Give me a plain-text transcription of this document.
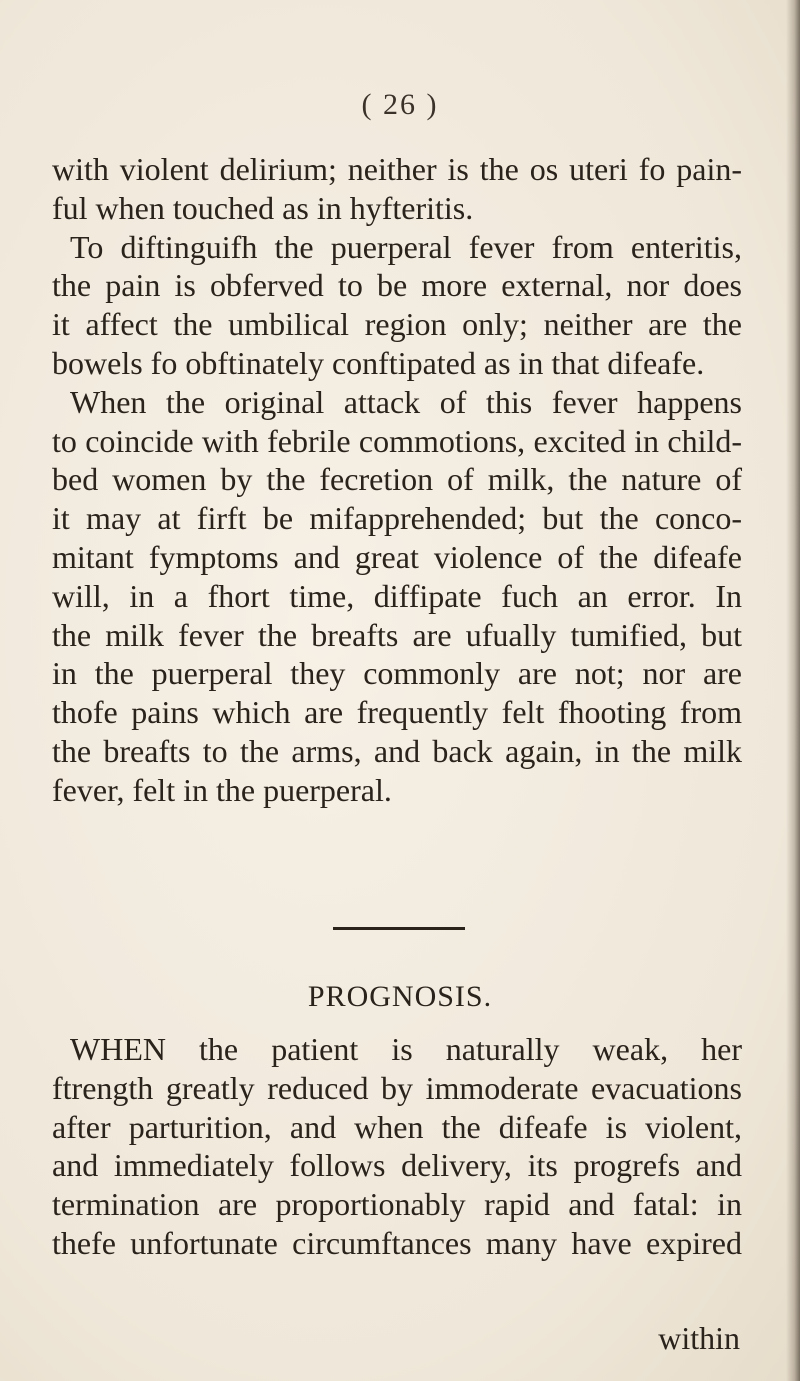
( 26 )
with violent delirium; neither is the os uteri fo pain-
ful when touched as in hyfteritis.
To diftinguifh the puerperal fever from enteritis,
the pain is obferved to be more external, nor does
it affect the umbilical region only; neither are the
bowels fo obftinately conftipated as in that difeafe.
When the original attack of this fever happens
to coincide with febrile commotions, excited in child-
bed women by the fecretion of milk, the nature of
it may at firft be mifapprehended; but the conco-
mitant fymptoms and great violence of the difeafe
will, in a fhort time, diffipate fuch an error. In
the milk fever the breafts are ufually tumified, but
in the puerperal they commonly are not; nor are
thofe pains which are frequently felt fhooting from
the breafts to the arms, and back again, in the milk
fever, felt in the puerperal.
PROGNOSIS.
WHEN the patient is naturally weak, her
ftrength greatly reduced by immoderate evacuations
after parturition, and when the difeafe is violent,
and immediately follows delivery, its progrefs and
termination are proportionably rapid and fatal: in
thefe unfortunate circumftances many have expired
within
